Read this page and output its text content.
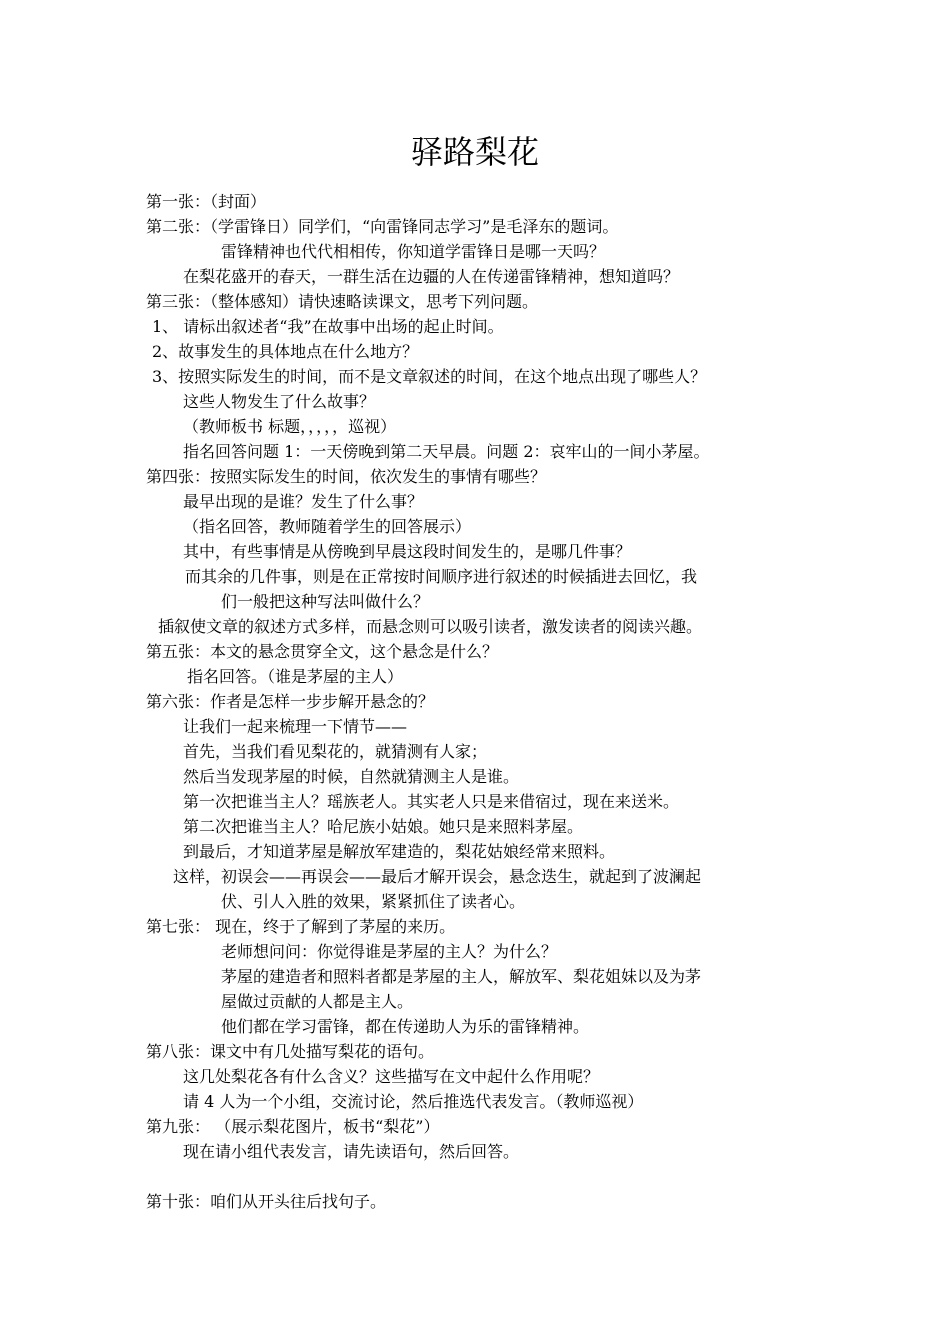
驿路梨花
第一张：（封面）
第二张：（学雷锋日）同学们，“向雷锋同志学习”是毛泽东的题词。
雷锋精神也代代相相传，你知道学雷锋日是哪一天吗？
在梨花盛开的春天，一群生活在边疆的人在传递雷锋精神，想知道吗？
第三张：（整体感知）请快速略读课文，思考下列问题。
1、 请标出叙述者“我”在故事中出场的起止时间。
2、故事发生的具体地点在什么地方？
3、按照实际发生的时间，而不是文章叙述的时间，在这个地点出现了哪些人？
这些人物发生了什么故事？
（教师板书 标题，，，，，巡视）
指名回答问题 1：一天傍晚到第二天早晨。问题 2：哀牢山的一间小茅屋。
第四张：按照实际发生的时间，依次发生的事情有哪些？
最早出现的是谁？发生了什么事？
（指名回答，教师随着学生的回答展示）
其中，有些事情是从傍晚到早晨这段时间发生的，是哪几件事？
而其余的几件事，则是在正常按时间顺序进行叙述的时候插进去回忆，我
们一般把这种写法叫做什么？
插叙使文章的叙述方式多样，而悬念则可以吸引读者，激发读者的阅读兴趣。
第五张：本文的悬念贯穿全文，这个悬念是什么？
指名回答。（谁是茅屋的主人）
第六张：作者是怎样一步步解开悬念的？
让我们一起来梳理一下情节——
首先，当我们看见梨花的，就猜测有人家；
然后当发现茅屋的时候，自然就猜测主人是谁。
第一次把谁当主人？瑶族老人。其实老人只是来借宿过，现在来送米。
第二次把谁当主人？哈尼族小姑娘。她只是来照料茅屋。
到最后，才知道茅屋是解放军建造的，梨花姑娘经常来照料。
这样，初误会——再误会——最后才解开误会，悬念迭生，就起到了波澜起
伏、引人入胜的效果，紧紧抓住了读者心。
第七张： 现在，终于了解到了茅屋的来历。
老师想问问：你觉得谁是茅屋的主人？为什么？
茅屋的建造者和照料者都是茅屋的主人，解放军、梨花姐妹以及为茅
屋做过贡献的人都是主人。
他们都在学习雷锋，都在传递助人为乐的雷锋精神。
第八张：课文中有几处描写梨花的语句。
这几处梨花各有什么含义？这些描写在文中起什么作用呢？
请 4 人为一个小组，交流讨论，然后推选代表发言。（教师巡视）
第九张： （展示梨花图片，板书“梨花”）
现在请小组代表发言，请先读语句，然后回答。
第十张：咱们从开头往后找句子。
